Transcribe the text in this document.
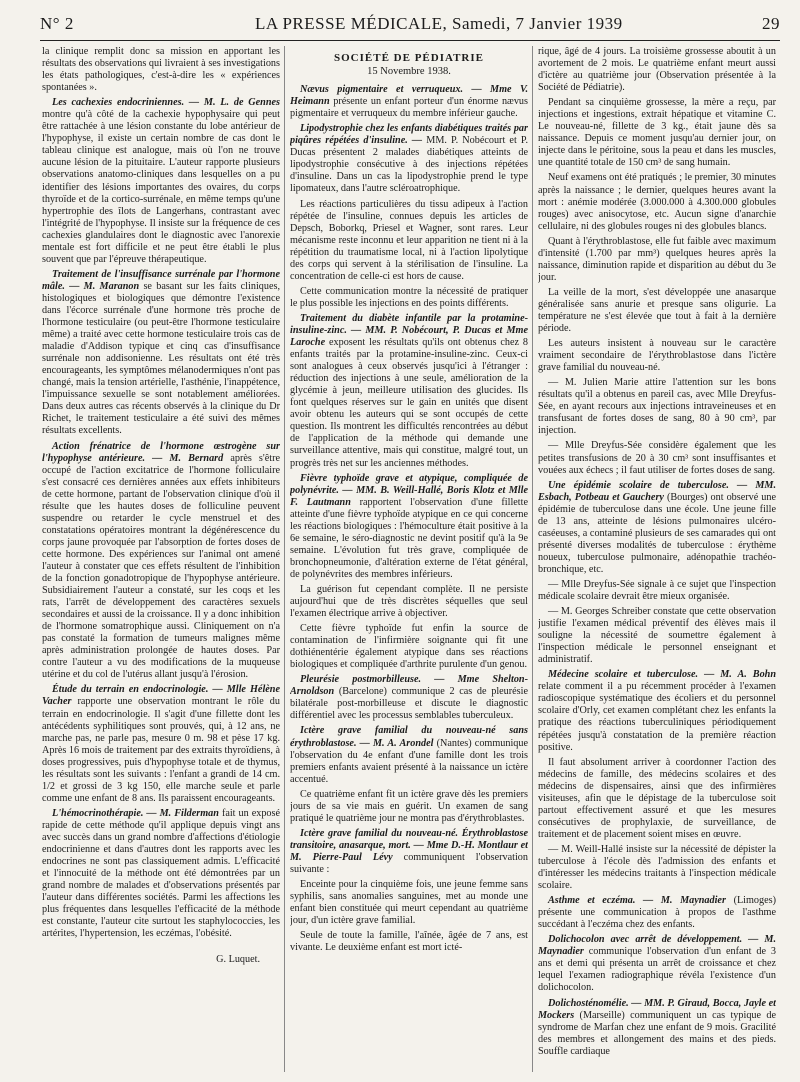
N° 2	LA PRESSE MÉDICALE, Samedi, 7 Janvier 1939	29

la clinique remplit donc sa mission en apportant les résultats des observations qui livraient à ses investigations les états pathologiques, c'est-à-dire les « expériences spontanées ».

Les cachexies endocriniennes. — M. L. de Gennes montre qu'à côté de la cachexie hypophysaire qui peut être rattachée à une lésion constante du lobe antérieur de l'hypophyse, il existe un certain nombre de cas dont le tableau clinique est analogue, mais où l'on ne trouve aucune lésion de la pituitaire. L'auteur rapporte plusieurs observations anatomo-cliniques dans lesquelles on a pu identifier des lésions importantes des ovaires, du corps thyroïde et de la cortico-surrénale, en même temps qu'une hypertrophie des îlots de Langerhans, contrastant avec l'intégrité de l'hypophyse. Il insiste sur la fréquence de ces cachexies glandulaires dont le diagnostic avec l'anorexie mentale est fort difficile et ne peut être établi le plus souvent que par l'épreuve thérapeutique.

Traitement de l'insuffisance surrénale par l'hormone mâle. — M. Maranon se basant sur les faits cliniques, histologiques et biologiques que démontre l'existence dans l'écorce surrénale d'une hormone très proche de l'hormone testiculaire (ou peut-être l'hormone testiculaire même) a traité avec cette hormone testiculaire trois cas de maladie d'Addison typique et cinq cas d'insuffisance surrénale non addisonienne. Les résultats ont été très encourageants, les symptômes mélanodermiques n'ont pas changé, mais la tension artérielle, l'asthénie, l'inappétence, l'impuissance sexuelle se sont notablement améliorées. Dans deux autres cas récents observés à la clinique du Dr Richet, le traitement testiculaire a été suivi des mêmes résultats excellents.

Action frénatrice de l'hormone œstrogène sur l'hypophyse antérieure. — M. Bernard après s'être occupé de l'action excitatrice de l'hormone folliculaire s'est consacré ces dernières années aux effets inhibiteurs de cette hormone, partant de l'observation clinique d'où il résulte que les hautes doses de folliculine peuvent suspendre ou retarder le cycle menstruel et des constatations opératoires montrant la dégénérescence du corps jaune provoquée par l'absorption de fortes doses de cette hormone. Des expériences sur l'animal ont amené l'auteur à constater que ces effets résultent de l'inhibition de la fonction gonadotropique de l'hypophyse antérieure. Subsidiairement l'auteur a constaté, sur les coqs et les rats, l'arrêt de développement des caractères sexuels secondaires et aussi de la croissance. Il y a donc inhibition de l'hormone somatrophique aussi. Cliniquement on n'a pas constaté la formation de tumeurs malignes même après administration prolongée de hautes doses. Par contre l'auteur a vu des modifications de la muqueuse utérine et du col de l'utérus allant jusqu'à l'érosion.

Étude du terrain en endocrinologie. — Mlle Hélène Vacher rapporte une observation montrant le rôle du terrain en endocrinologie. Il s'agit d'une fillette dont les antécédents syphilitiques sont prouvés, qui, à 12 ans, ne marche pas, ne parle pas, mesure 0 m. 98 et pèse 17 kg. Après 16 mois de traitement par des extraits thyroïdiens, à doses progressives, puis d'hypophyse totale et de thymus, les résultats sont les suivants : l'enfant a grandi de 14 cm. 1/2 et grossi de 3 kg 150, elle marche seule et parle comme une enfant de 8 ans. Ils paraissent encourageants.

L'hémocrinothérapie. — M. Filderman fait un exposé rapide de cette méthode qu'il applique depuis vingt ans avec succès dans un grand nombre d'affections d'étiologie endocrinienne et dans d'autres dont les rapports avec les endocrines ne sont pas classiquement admis. L'efficacité et l'innocuité de la méthode ont été démontrées par un grand nombre de malades et d'observations présentés par l'auteur dans différentes sociétés. Parmi les affections les plus fréquentes dans lesquelles l'efficacité de la méthode est constante, l'auteur cite surtout les staphylococcies, les artérites, l'hypertension, les eczémas, l'obésité.

G. Luquet.
SOCIÉTÉ DE PÉDIATRIE
15 Novembre 1938.

Nævus pigmentaire et verruqueux. — Mme V. Heimann présente un enfant porteur d'un énorme nævus pigmentaire et verruqueux du membre inférieur gauche.

Lipodystrophie chez les enfants diabétiques traités par piqûres répétées d'insuline. — MM. P. Nobécourt et P. Ducas présentent 2 malades diabétiques atteints de lipodystrophie consécutive à des injections répétées d'insuline. Dans un cas la lipodystrophie prend le type lipomateux, dans l'autre scléroatrophique.

Les réactions particulières du tissu adipeux à l'action répétée de l'insuline, connues depuis les articles de Depsch, Boborkq, Priesel et Wagner, sont rares. Leur mécanisme reste inconnu et leur apparition ne tient ni à la répétition du traumatisme local, ni à l'action lipolytique des corps qui servent à la stérilisation de l'insuline. La concentration de celle-ci est hors de cause.

Cette communication montre la nécessité de pratiquer le plus possible les injections en des points différents.

Traitement du diabète infantile par la protamine-insuline-zinc. — MM. P. Nobécourt, P. Ducas et Mme Laroche exposent les résultats qu'ils ont obtenus chez 8 enfants traités par la protamine-insuline-zinc. Ceux-ci sont analogues à ceux observés jusqu'ici à l'étranger : réduction des injections à une seule, amélioration de la glycémie à jeun, meilleure utilisation des glucides. Ils font quelques réserves sur le gain en unités que disent avoir obtenu les auteurs qui se sont occupés de cette question. Ils montrent les difficultés rencontrées au début de l'application de la méthode qui demande une surveillance attentive, mais qui constitue, malgré tout, un progrès très net sur les anciennes méthodes.

Fièvre typhoïde grave et atypique, compliquée de polynévrite. — MM. B. Weill-Hallé, Boris Klotz et Mlle F. Lautmann rapportent l'observation d'une fillette atteinte d'une fièvre typhoïde atypique en ce qui concerne les réactions biologiques : l'hémoculture était positive à la 6e semaine, le séro-diagnostic ne devint positif qu'à la 9e semaine. L'évolution fut très grave, compliquée de bronchopneumonie, d'altération externe de l'état général, de polynévrites des membres inférieurs.

La guérison fut cependant complète. Il ne persiste aujourd'hui que de très discrètes séquelles que seul l'examen électrique arrive à objectiver.

Cette fièvre typhoïde fut enfin la source de contamination de l'infirmière soignante qui fit une dothiénentérie également atypique dans ses réactions biologiques et compliquée d'arthrite purulente d'un genou.

Pleurésie postmorbilleuse. — Mme Shelton-Arnoldson (Barcelone) communique 2 cas de pleurésie bilatérale post-morbilleuse et discute le diagnostic différentiel avec les processus semblables tuberculeux.

Ictère grave familial du nouveau-né sans érythroblastose. — M. A. Arondel (Nantes) communique l'observation du 4e enfant d'une famille dont les trois premiers enfants avaient présenté à la naissance un ictère accentué.

Ce quatrième enfant fit un ictère grave dès les premiers jours de sa vie mais en guérit. Un examen de sang pratiqué le quatrième jour ne montra pas d'érythroblastes.

Ictère grave familial du nouveau-né. Érythroblastose transitoire, anasarque, mort. — Mme D.-H. Montlaur et M. Pierre-Paul Lévy communiquent l'observation suivante :

Enceinte pour la cinquième fois, une jeune femme sans syphilis, sans anomalies sanguines, met au monde une enfant bien constituée qui meurt cependant au quatrième jour, d'un ictère grave familial.

Seule de toute la famille, l'aînée, âgée de 7 ans, est vivante. Le deuxième enfant est mort icté-

rique, âgé de 4 jours. La troisième grossesse aboutit à un avortement de 2 mois. Le quatrième enfant meurt aussi d'ictère au quatrième jour (Observation présentée à la Société de Pédiatrie).

Pendant sa cinquième grossesse, la mère a reçu, par injections et ingestions, extrait hépatique et vitamine C. Le nouveau-né, fillette de 3 kg., était jaune dès sa naissance. Depuis ce moment jusqu'au dernier jour, on injecte dans le péritoine, sous la peau et dans les muscles, une quantité totale de 150 cm³ de sang humain.

Neuf examens ont été pratiqués ; le premier, 30 minutes après la naissance ; le dernier, quelques heures avant la mort : anémie modérée (3.000.000 à 4.300.000 globules rouges) avec anisocytose, etc. Aucun signe d'anarchie cellulaire, ni des globules rouges ni des globules blancs.

Quant à l'érythroblastose, elle fut faible avec maximum d'intensité (1.700 par mm³) quelques heures après la naissance, diminution rapide et disparition au début du 3e jour.

La veille de la mort, s'est développée une anasarque généralisée sans anurie et presque sans oligurie. La température ne s'est élevée que tout à fait à la dernière période.

Les auteurs insistent à nouveau sur le caractère vraiment secondaire de l'érythroblastose dans l'ictère grave familial du nouveau-né.

— M. Julien Marie attire l'attention sur les bons résultats qu'il a obtenus en pareil cas, avec Mlle Dreyfus-Sée, en ayant recours aux injections intraveineuses et en transfusant de fortes doses de sang, 80 à 90 cm³, par injection.

— Mlle Dreyfus-Sée considère également que les petites transfusions de 20 à 30 cm³ sont insuffisantes et vouées aux échecs ; il faut utiliser de fortes doses de sang.

Une épidémie scolaire de tuberculose. — MM. Esbach, Potbeau et Gauchery (Bourges) ont observé une épidémie de tuberculose dans une école. Une jeune fille de 13 ans, atteinte de lésions pulmonaires ulcéro-caséeuses, a contaminé plusieurs de ses camarades qui ont présenté diverses modalités de tuberculose : érythème noueux, tuberculose pulmonaire, adénopathie trachéo-bronchique, etc.

— Mlle Dreyfus-Sée signale à ce sujet que l'inspection médicale scolaire devrait être mieux organisée.

— M. Georges Schreiber constate que cette observation justifie l'examen médical préventif des élèves mais il souligne la nécessité de soumettre également à l'inspection médicale le personnel enseignant et administratif.

Médecine scolaire et tuberculose. — M. A. Bohn relate comment il a pu récemment procéder à l'examen radioscopique systématique des écoliers et du personnel scolaire d'Orly, cet examen complétant chez les enfants la pratique des réactions tuberculiniques périodiquement répétées jusqu'à constatation de la première réaction positive.

Il faut absolument arriver à coordonner l'action des médecins de famille, des médecins scolaires et des médecins de dispensaires, ainsi que des infirmières visiteuses, afin que le dépistage de la tuberculose soit partout effectivement assuré et que les mesures consécutives de prophylaxie, de surveillance, de traitement et de placement soient mises en œuvre.

— M. Weill-Hallé insiste sur la nécessité de dépister la tuberculose à l'école dès l'admission des enfants et d'intéresser les médecins traitants à l'inspection médicale scolaire.

Asthme et eczéma. — M. Maynadier (Limoges) présente une communication à propos de l'asthme succédant à l'eczéma chez des enfants.

Dolichocolon avec arrêt de développement. — M. Maynadier communique l'observation d'un enfant de 3 ans et demi qui présenta un arrêt de croissance et chez lequel l'examen radiographique révéla l'existence d'un dolichocolon.

Dolichosténomélie. — MM. P. Giraud, Bocca, Jayle et Mockers (Marseille) communiquent un cas typique de syndrome de Marfan chez une enfant de 9 mois. Gracilité des membres et allongement des mains et des pieds. Souffle cardiaque
